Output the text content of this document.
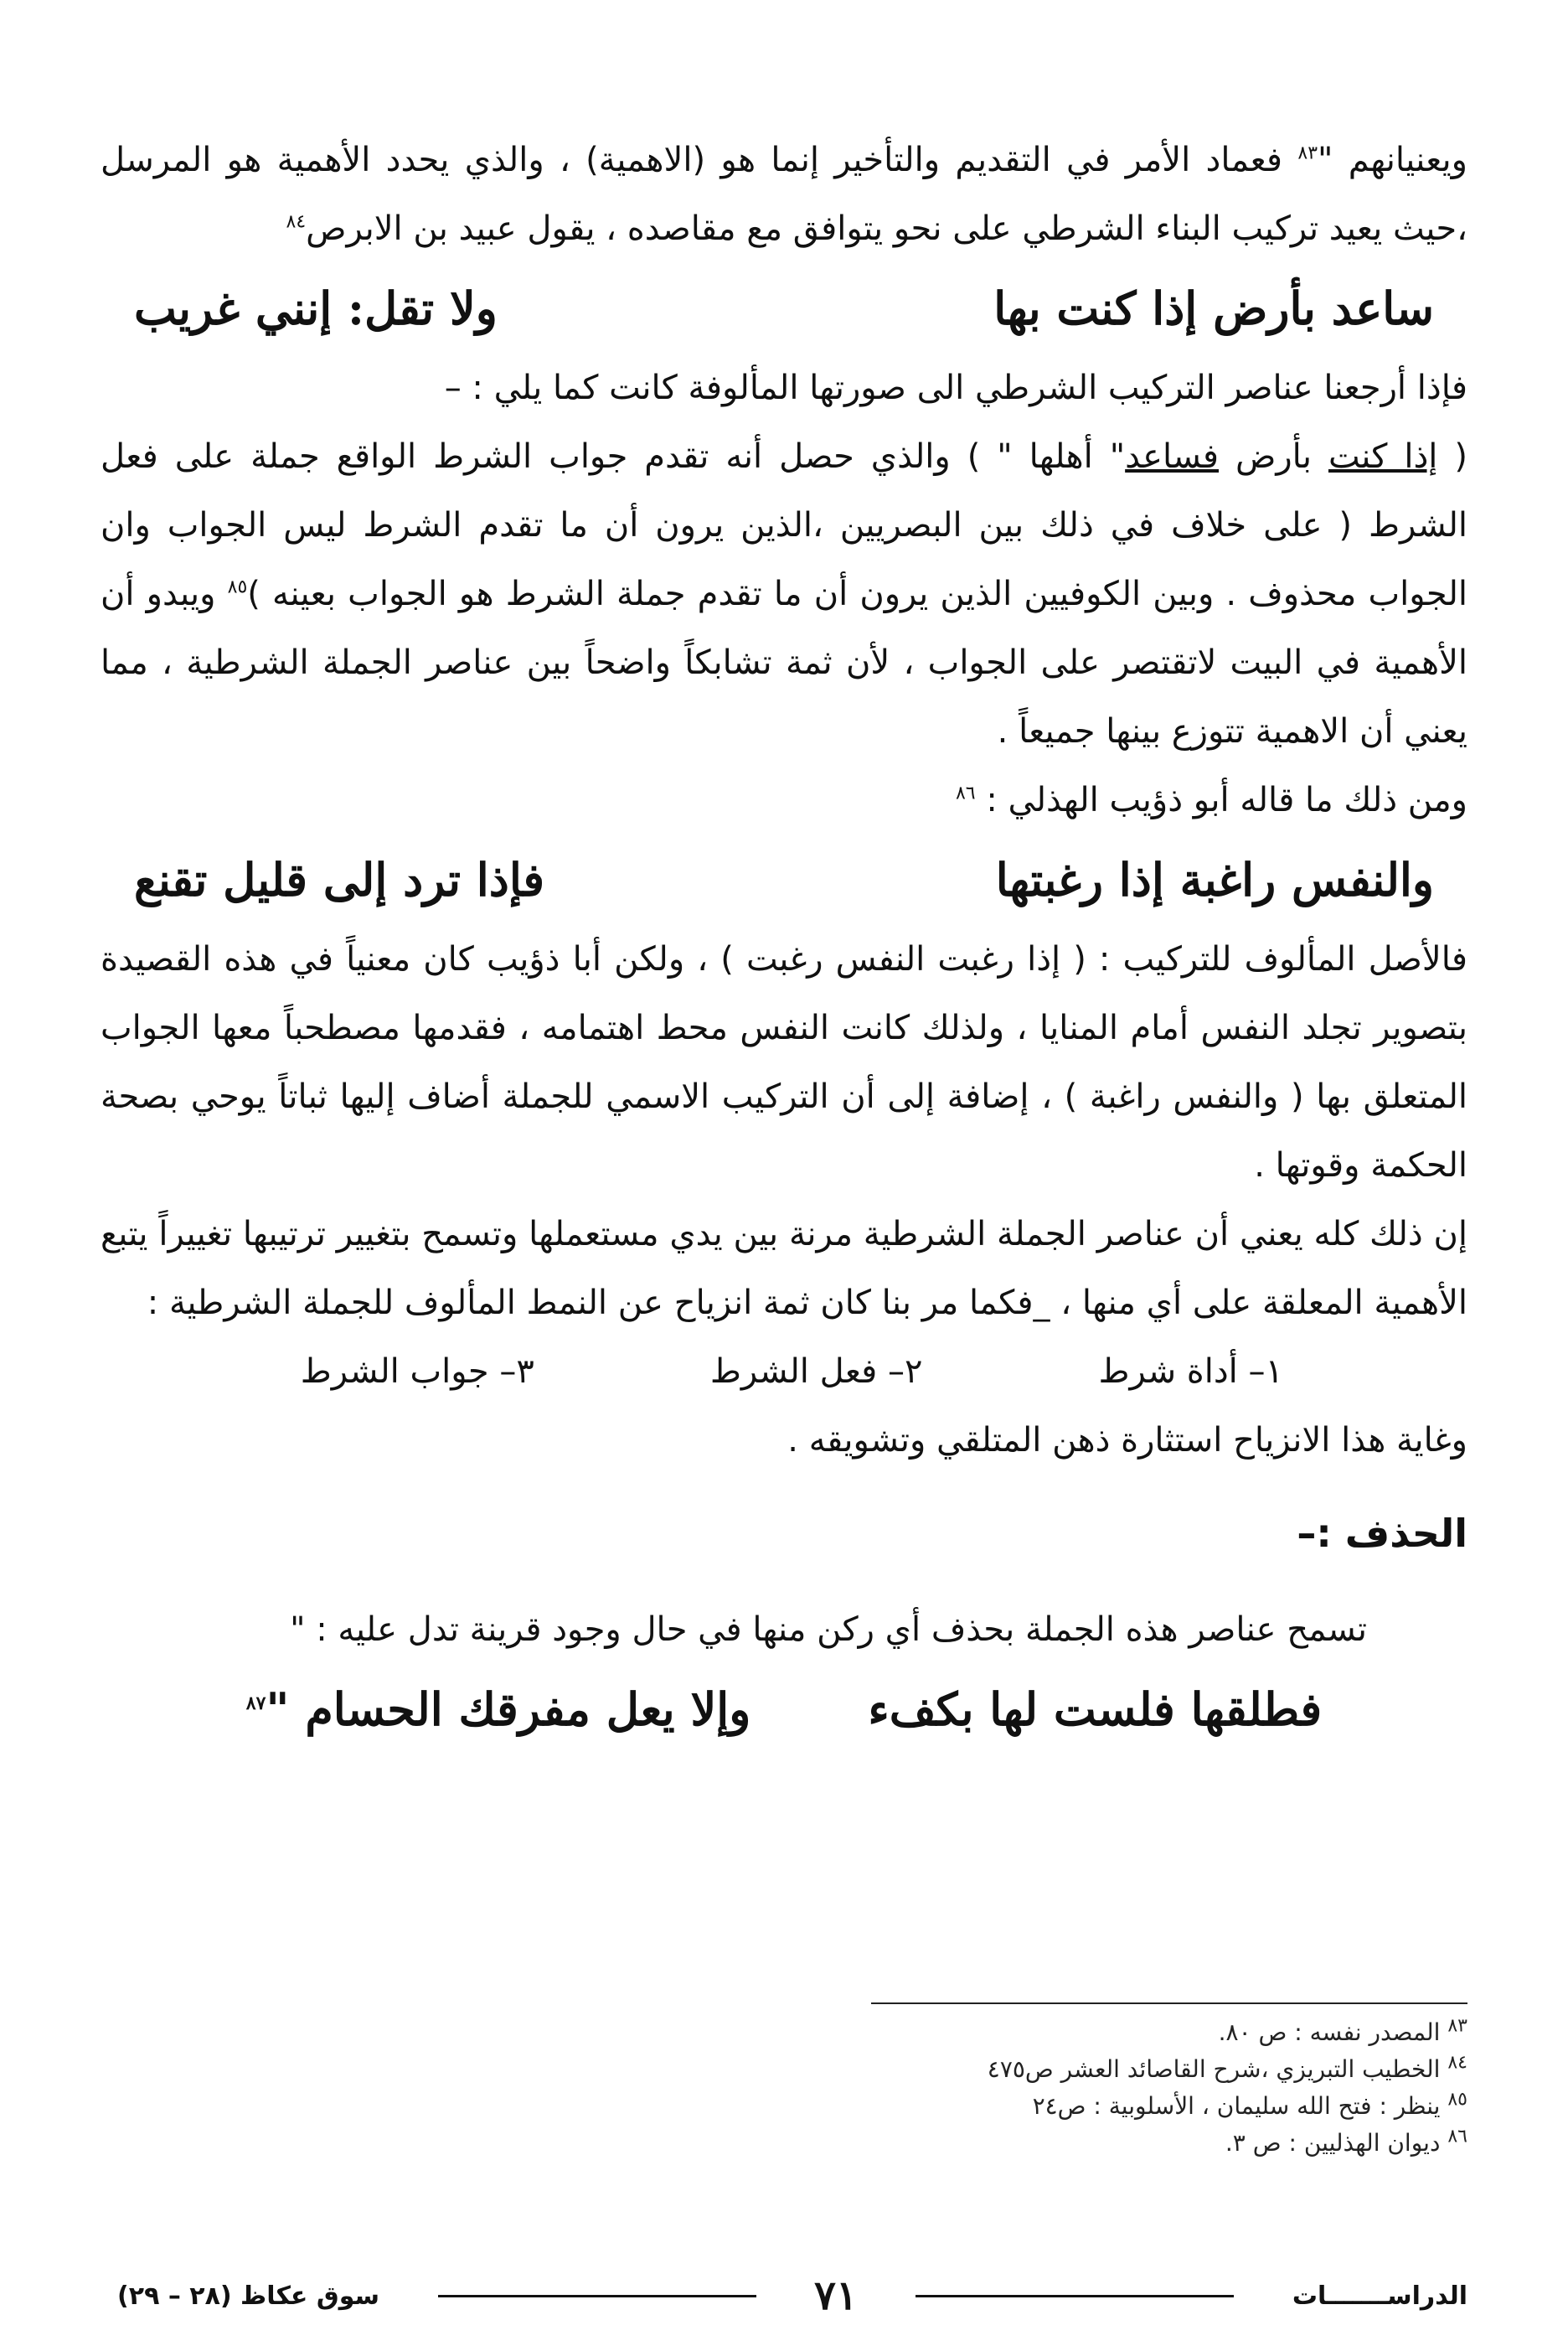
ويعنيانهم "$^{٨٣}$ فعماد الأمر في التقديم والتأخير إنما هو (الاهمية) ، والذي يحدد الأهمية هو المرسل ،حيث يعيد تركيب البناء الشرطي على نحو يتوافق مع مقاصده ، يقول عبيد بن الابرص$^{٨٤}$

ساعد بأرض إذا كنت بها
ولا تقل: إنني غريب

فإذا أرجعنا عناصر التركيب الشرطي الى صورتها المألوفة كانت كما يلي : –

( إذا كنت بأرض فساعد" أهلها " ) والذي حصل أنه تقدم جواب الشرط الواقع جملة على فعل الشرط ( على خلاف في ذلك بين البصريين ،الذين يرون أن ما تقدم الشرط ليس الجواب وان الجواب محذوف . وبين الكوفيين الذين يرون أن ما تقدم جملة الشرط هو الجواب بعينه )$^{٨٥}$ ويبدو أن الأهمية في البيت لاتقتصر على الجواب ، لأن ثمة تشابكاً واضحاً بين عناصر الجملة الشرطية ، مما يعني أن الاهمية تتوزع بينها جميعاً .

ومن ذلك ما قاله أبو ذؤيب الهذلي : $^{٨٦}$

والنفس راغبة إذا رغبتها
فإذا ترد إلى قليل تقنع

فالأصل المألوف للتركيب : ( إذا رغبت النفس رغبت ) ، ولكن أبا ذؤيب كان معنياً في هذه القصيدة بتصوير تجلد النفس أمام المنايا ، ولذلك كانت النفس محط اهتمامه ، فقدمها مصطحباً معها الجواب المتعلق بها ( والنفس راغبة ) ، إضافة إلى أن التركيب الاسمي للجملة أضاف إليها ثباتاً يوحي بصحة الحكمة وقوتها .

إن ذلك كله يعني أن عناصر الجملة الشرطية مرنة بين يدي مستعملها وتسمح بتغيير ترتيبها تغييراً يتبع الأهمية المعلقة على أي منها ، _فكما مر بنا كان ثمة انزياح عن النمط المألوف للجملة الشرطية :

١– أداة شرط
٢– فعل الشرط
٣– جواب الشرط

وغاية هذا الانزياح استثارة ذهن المتلقي وتشويقه .

الحذف :–

تسمح عناصر هذه الجملة بحذف أي ركن منها في حال وجود قرينة تدل عليه : "

فطلقها فلست لها بكفء
وإلا يعل مفرقك الحسام "$^{٨٧}$

$^{٨٣}$ المصدر نفسه : ص ٨٠.

$^{٨٤}$ الخطيب التبريزي ،شرح القاصائد العشر ص٤٧٥

$^{٨٥}$ ينظر : فتح الله سليمان ، الأسلوبية : ص٢٤

$^{٨٦}$ ديوان الهذليين : ص ٣.

الدراســـــــات
٧١
سوق عكاظ (٢٨ – ٢٩)
